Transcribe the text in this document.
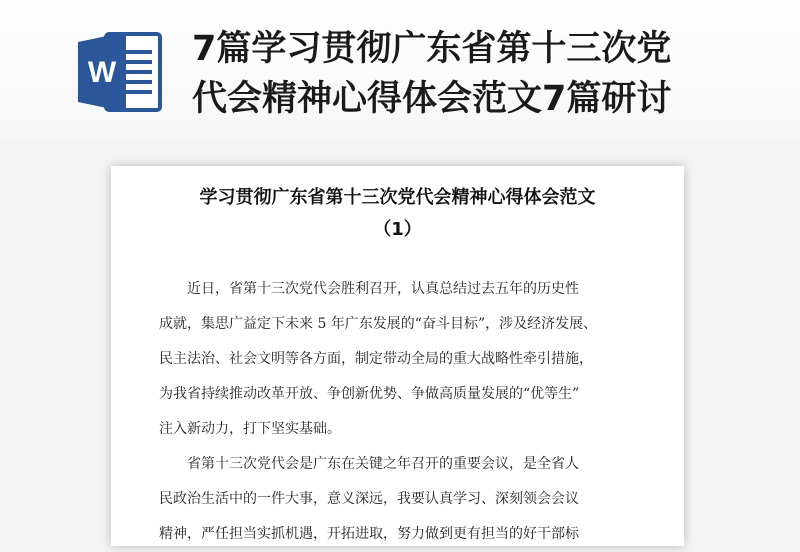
W
7篇学习贯彻广东省第十三次党
代会精神心得体会范文7篇研讨
学习贯彻广东省第十三次党代会精神心得体会范文
（1）
近日，省第十三次党代会胜利召开，认真总结过去五年的历史性
成就，集思广益定下未来 5 年广东发展的“奋斗目标”，涉及经济发展、
民主法治、社会文明等各方面，制定带动全局的重大战略性牵引措施，
为我省持续推动改革开放、争创新优势、争做高质量发展的“优等生”
注入新动力，打下坚实基础。
省第十三次党代会是广东在关键之年召开的重要会议，是全省人
民政治生活中的一件大事，意义深远，我要认真学习、深刻领会会议
精神，严任担当实抓机遇，开拓进取，努力做到更有担当的好干部标
